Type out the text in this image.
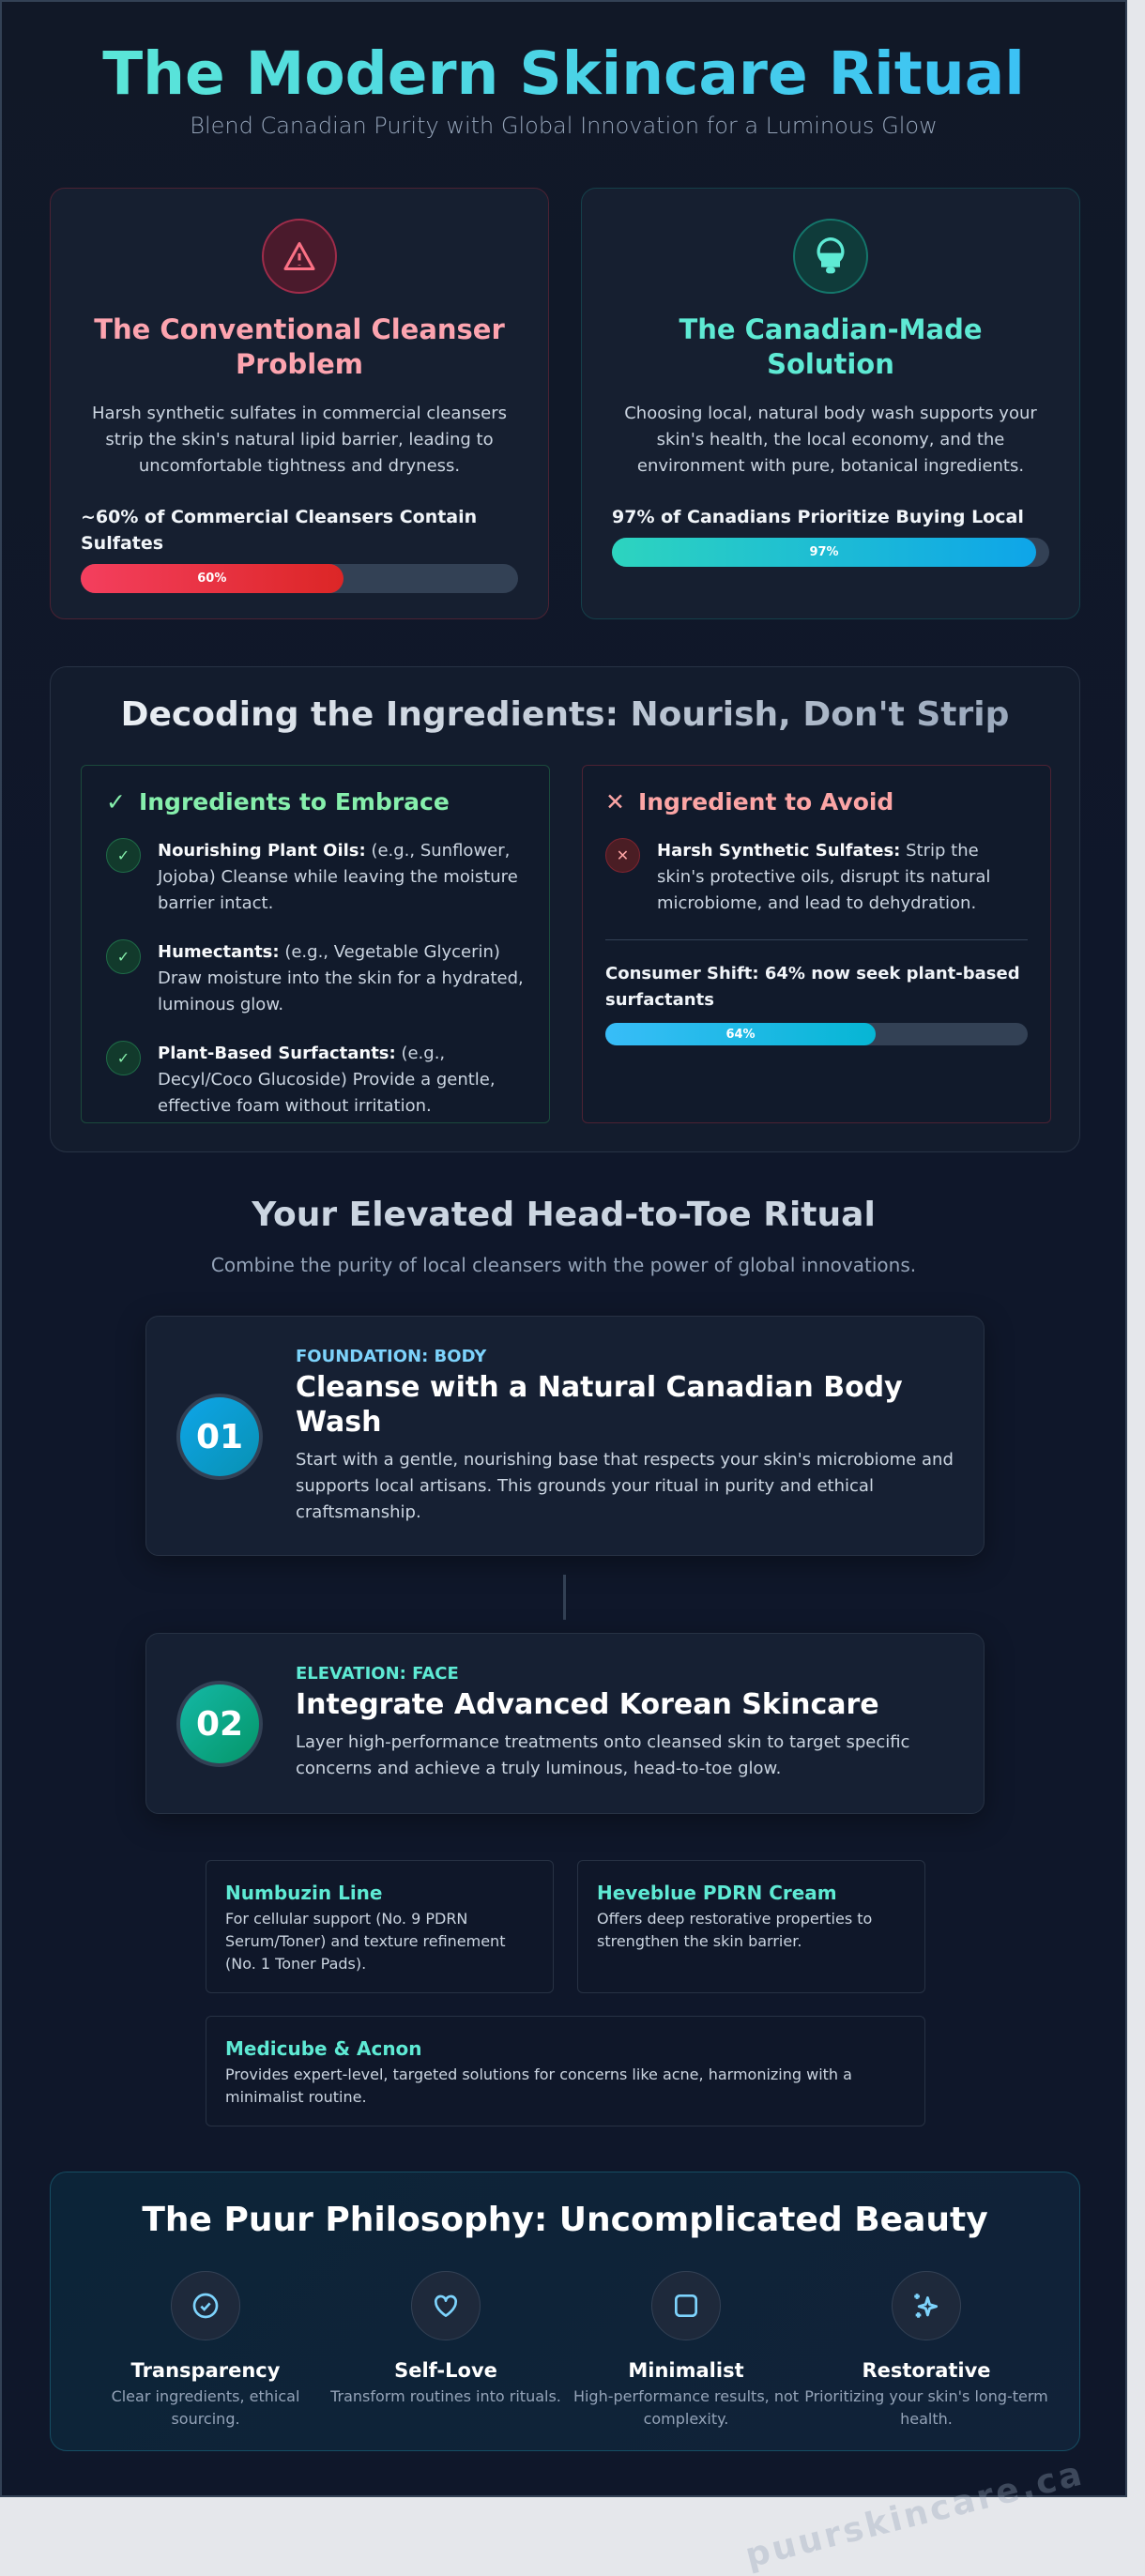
The Modern Skincare Ritual
Blend Canadian Purity with Global Innovation for a Luminous Glow
The Conventional Cleanser Problem
Harsh synthetic sulfates in commercial cleansers strip the skin's natural lipid barrier, leading to uncomfortable tightness and dryness.
~60% of Commercial Cleansers Contain Sulfates
60%
The Canadian-Made Solution
Choosing local, natural body wash supports your skin's health, the local economy, and the environment with pure, botanical ingredients.
97% of Canadians Prioritize Buying Local
97%
Decoding the Ingredients: Nourish, Don't Strip
✓ Ingredients to Embrace
✓	Nourishing Plant Oils: (e.g., Sunflower, Jojoba) Cleanse while leaving the moisture barrier intact.
✓	Humectants: (e.g., Vegetable Glycerin) Draw moisture into the skin for a hydrated, luminous glow.
✓	Plant-Based Surfactants: (e.g., Decyl/Coco Glucoside) Provide a gentle, effective foam without irritation.
✕ Ingredient to Avoid
✕	Harsh Synthetic Sulfates: Strip the skin's protective oils, disrupt its natural microbiome, and lead to dehydration.
Consumer Shift: 64% now seek plant-based surfactants
64%
Your Elevated Head-to-Toe Ritual
Combine the purity of local cleansers with the power of global innovations.
01
FOUNDATION: BODY
Cleanse with a Natural Canadian Body Wash
Start with a gentle, nourishing base that respects your skin's microbiome and supports local artisans. This grounds your ritual in purity and ethical craftsmanship.
02
ELEVATION: FACE
Integrate Advanced Korean Skincare
Layer high-performance treatments onto cleansed skin to target specific concerns and achieve a truly luminous, head-to-toe glow.
Numbuzin Line
For cellular support (No. 9 PDRN Serum/Toner) and texture refinement (No. 1 Toner Pads).
Heveblue PDRN Cream
Offers deep restorative properties to strengthen the skin barrier.
Medicube & Acnon
Provides expert-level, targeted solutions for concerns like acne, harmonizing with a minimalist routine.
The Puur Philosophy: Uncomplicated Beauty
Transparency
Clear ingredients, ethical sourcing.
Self-Love
Transform routines into rituals.
Minimalist
High-performance results, not complexity.
Restorative
Prioritizing your skin's long-term health.
puurskincare.ca
